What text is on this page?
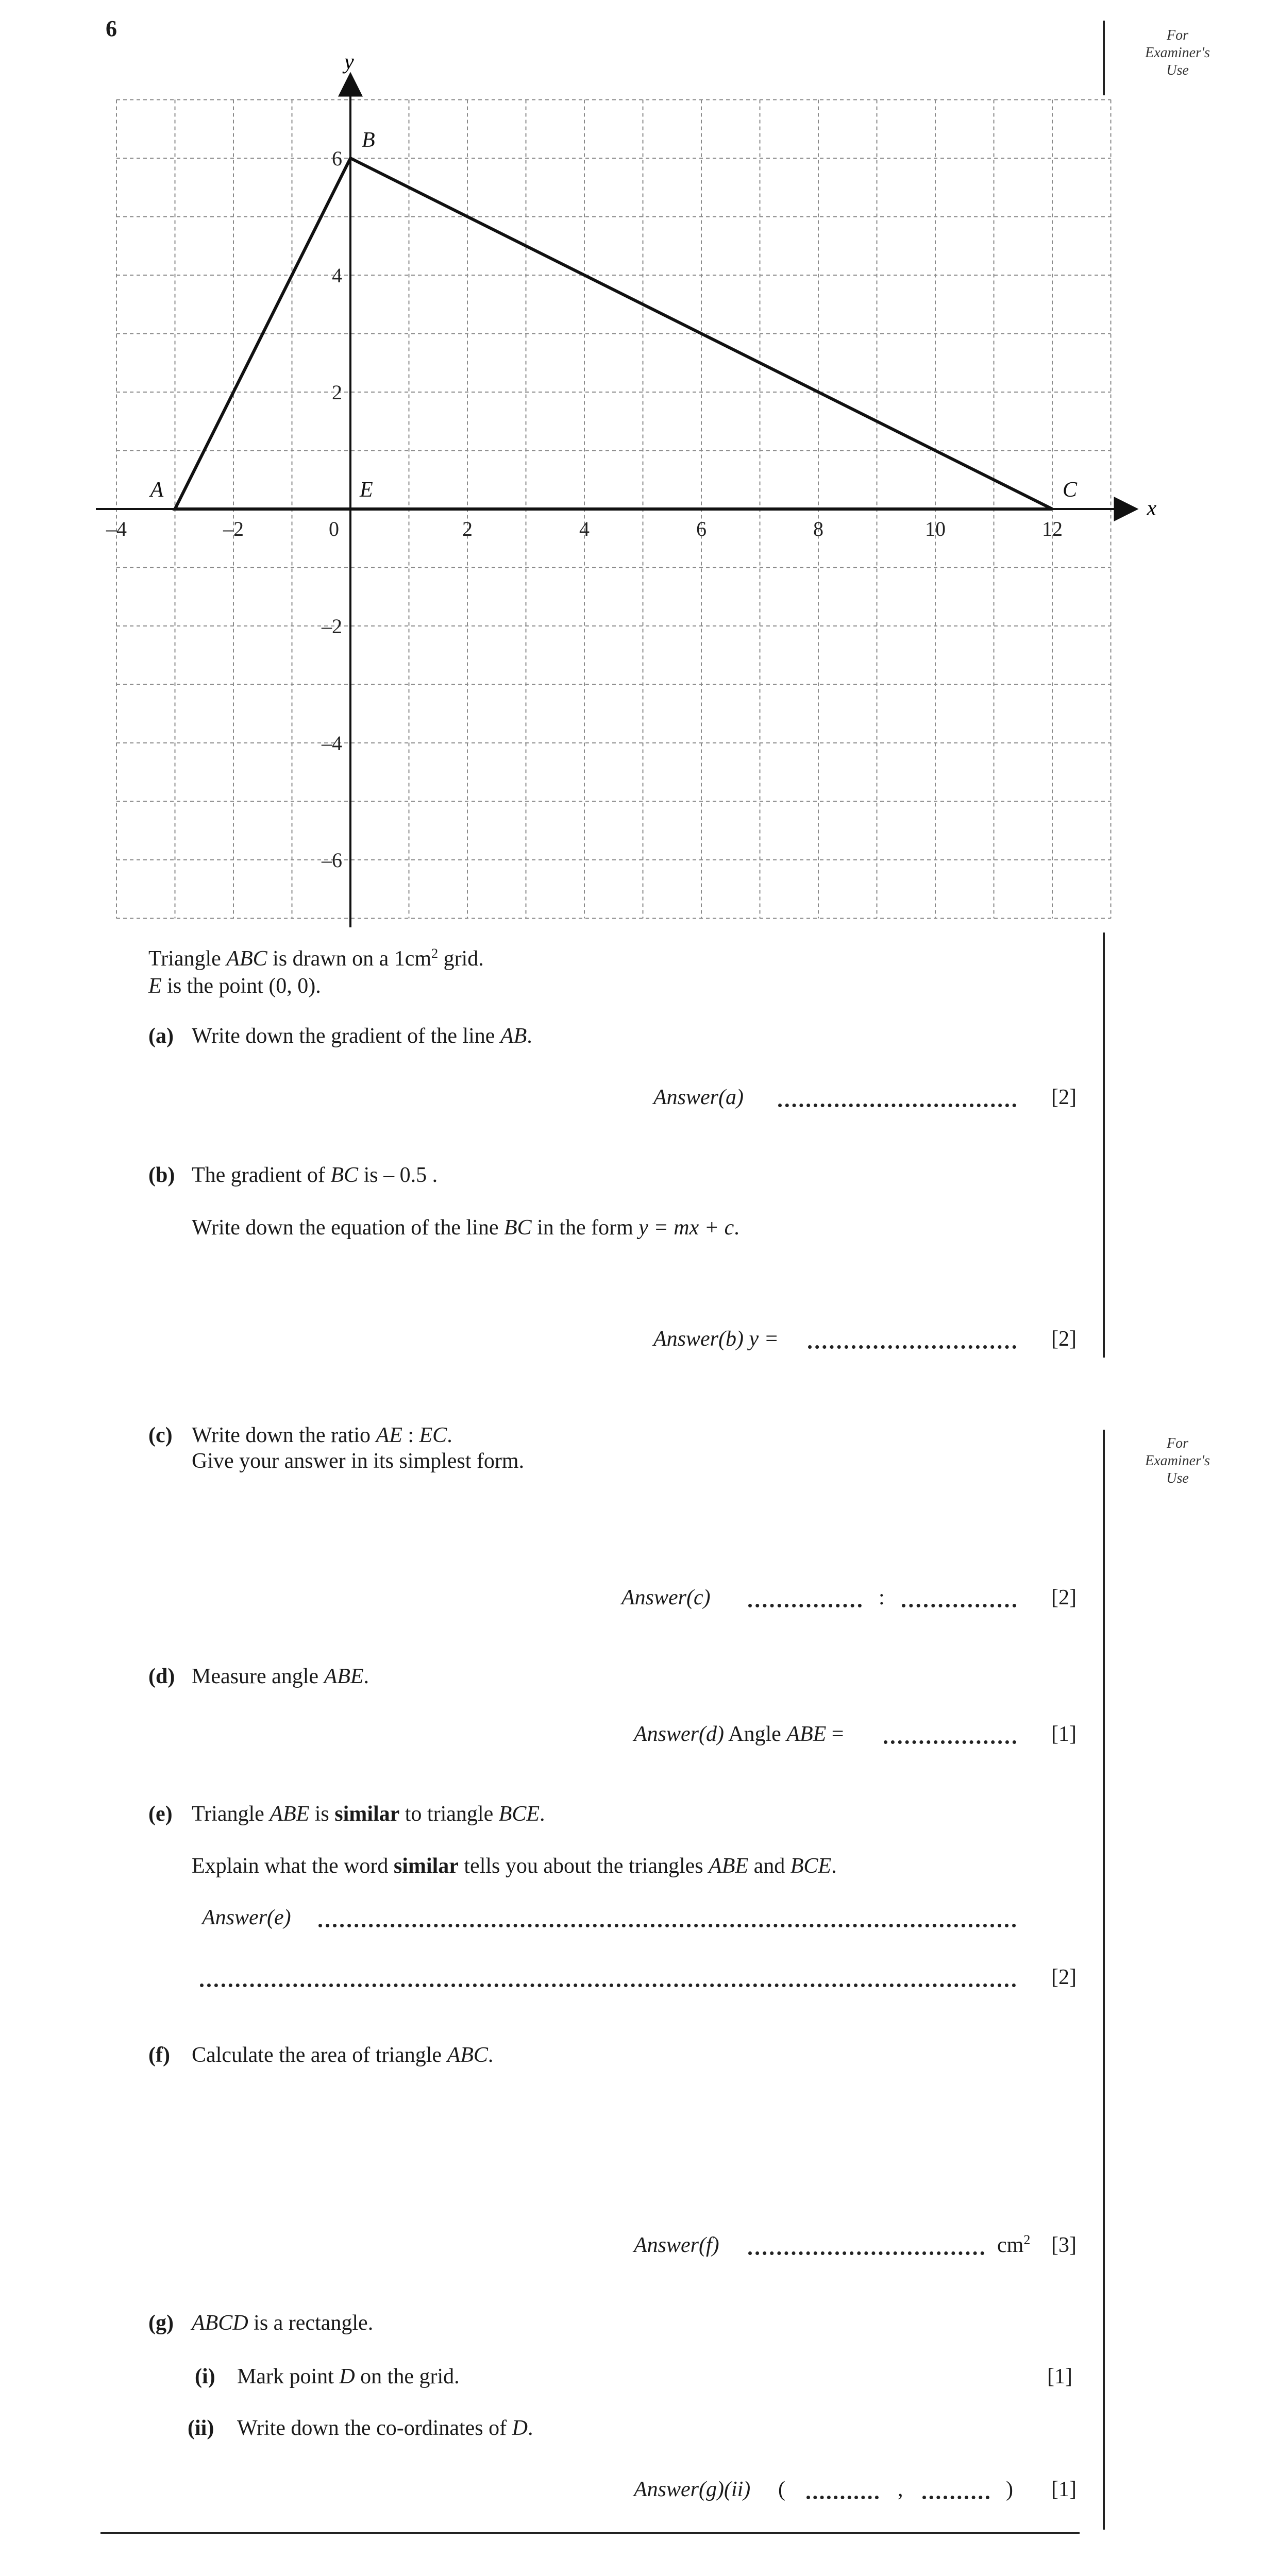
6	For
Examiner's
Use
For
Examiner's
Use
x
y
–4	–2	0	2	4	6	8	10	12
6
4
2
–2
–4
–6
A
B
C
E
Triangle ABC is drawn on a $1cm^2$ grid.
E is the point (0, 0).
(a) Write down the gradient of the line AB.
Answer(a)	[2]
(b) The gradient of BC is – 0.5 .
Write down the equation of the line BC in the form y = mx + c.
Answer(b) y =	[2]
(c) Write down the ratio AE : EC.
Give your answer in its simplest form.
Answer(c)	:	[2]
(d) Measure angle ABE.
Answer(d) Angle ABE =	[1]
(e) Triangle ABE is similar to triangle BCE.
Explain what the word similar tells you about the triangles ABE and BCE.
Answer(e)
[2]
(f) Calculate the area of triangle ABC.
Answer(f)	$cm^2$ [3]
(g) ABCD is a rectangle.
(i) Mark point D on the grid.	[1]
(ii) Write down the co-ordinates of D.
Answer(g)(ii) (	,	) [1]
